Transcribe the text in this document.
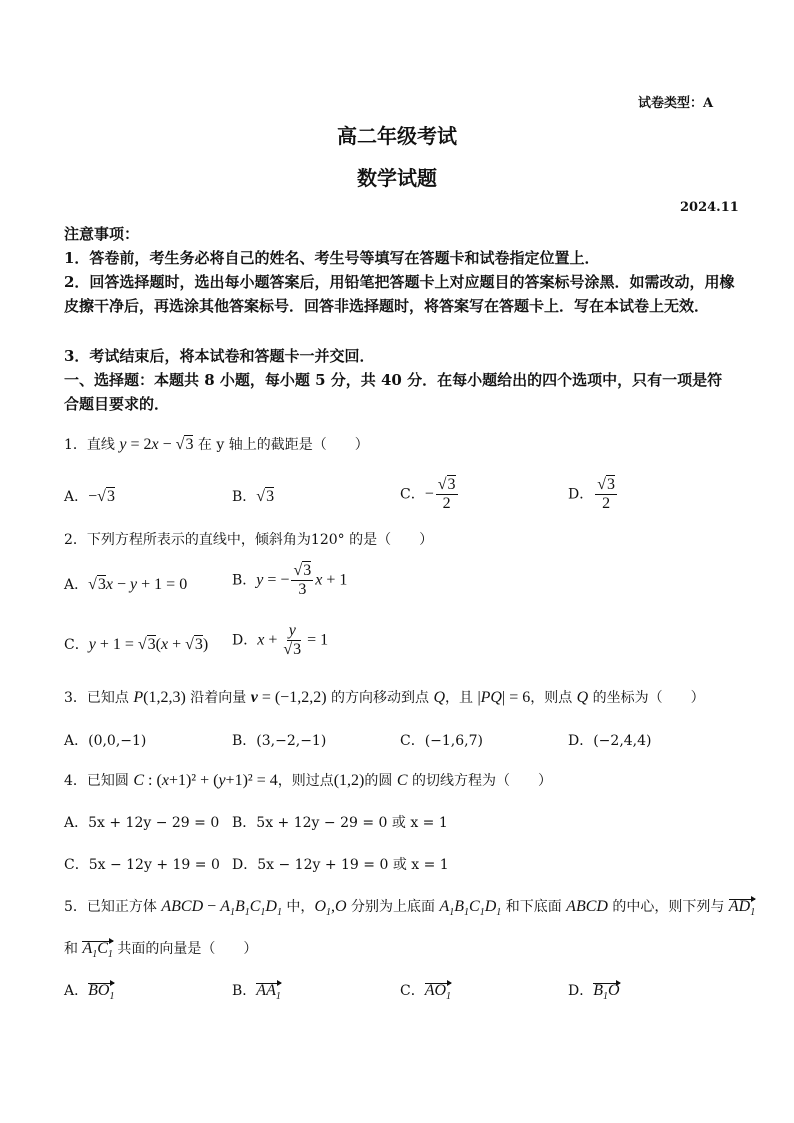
试卷类型：A
高二年级考试
数学试题
2024.11
注意事项：
1．答卷前，考生务必将自己的姓名、考生号等填写在答题卡和试卷指定位置上．
2．回答选择题时，选出每小题答案后，用铅笔把答题卡上对应题目的答案标号涂黑．如需改动，用橡皮擦干净后，再选涂其他答案标号．回答非选择题时，将答案写在答题卡上．写在本试卷上无效．
3．考试结束后，将本试卷和答题卡一并交回．
一、选择题：本题共 8 小题，每小题 5 分，共 40 分．在每小题给出的四个选项中，只有一项是符合题目要求的．
1．直线 y = 2x − √3 在 y 轴上的截距是（　　）
A．−√3	B．√3	C．− $\frac{√3}{2}$	D． $\frac{√3}{2}$
2．下列方程所表示的直线中，倾斜角为120° 的是（　　）
A．√3x − y + 1 = 0	B．y = − $\frac{√3}{3}$ x + 1
C．y + 1 = √3(x + √3) D．$x + \frac{y}{√3} = 1$
3．已知点 P(1,2,3) 沿着向量 v = (−1,2,2) 的方向移动到点 Q，且 |PQ| = 6，则点 Q 的坐标为（　　）
A．(0,0,−1)	B．(3,−2,−1)	C．(−1,6,7)	D．(−2,4,4)
4．已知圆 C : (x+1)² + (y+1)² = 4，则过点(1,2)的圆 C 的切线方程为（　　）
A．5x + 12y − 29 = 0 B．5x + 12y − 29 = 0 或 x = 1
C．5x − 12y + 19 = 0 D．5x − 12y + 19 = 0 或 x = 1
5．已知正方体 ABCD − $A_1B_1C_1D_1$ 中，$O_1,O$ 分别为上底面 $A_1B_1C_1D_1$ 和下底面 ABCD 的中心，则下列与 $AD_1$
和 $A_1C_1$ 共面的向量是（　　）
A．$BO_1$	B．$AA_1$	C．$AO_1$	D．$B_1O$
